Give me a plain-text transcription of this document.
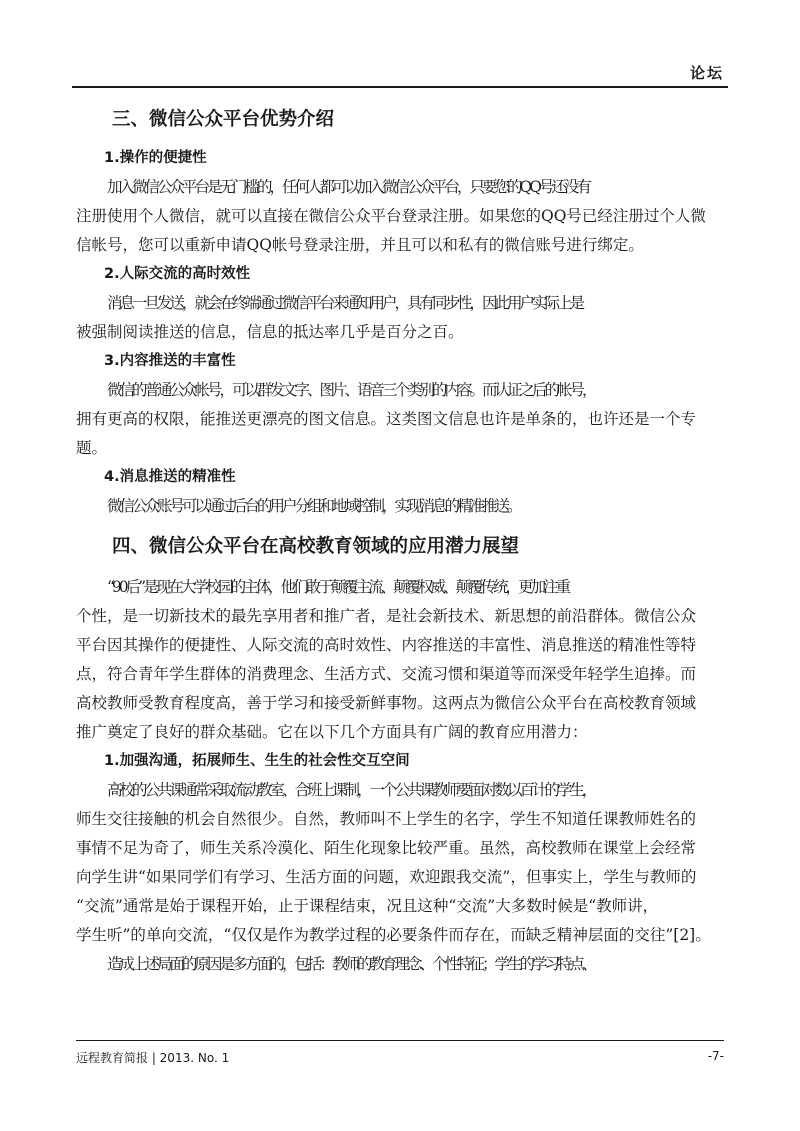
论坛
三、微信公众平台优势介绍
1.操作的便捷性

加入微信公众平台是无门槛的，任何人都可以加入微信公众平台，只要您的QQ号还没有
注册使用个人微信，就可以直接在微信公众平台登录注册。如果您的QQ号已经注册过个人微
信帐号，您可以重新申请QQ帐号登录注册，并且可以和私有的微信账号进行绑定。

2.人际交流的高时效性

消息一旦发送，就会在终端通过微信平台来通知用户，具有同步性，因此用户实际上是
被强制阅读推送的信息，信息的抵达率几乎是百分之百。

3.内容推送的丰富性

微信的普通公众帐号，可以群发文字、图片、语音三个类别的内容。而认证之后的帐号，
拥有更高的权限，能推送更漂亮的图文信息。这类图文信息也许是单条的，也许还是一个专
题。

4.消息推送的精准性

微信公众账号可以通过后台的用户分组和地域控制，实现消息的精准推送。

四、微信公众平台在高校教育领域的应用潜力展望

“90后”是现在大学校园的主体，他们敢于颠覆主流、颠覆权威、颠覆传统，更加注重
个性，是一切新技术的最先享用者和推广者，是社会新技术、新思想的前沿群体。微信公众
平台因其操作的便捷性、人际交流的高时效性、内容推送的丰富性、消息推送的精准性等特
点，符合青年学生群体的消费理念、生活方式、交流习惯和渠道等而深受年轻学生追捧。而
高校教师受教育程度高，善于学习和接受新鲜事物。这两点为微信公众平台在高校教育领域
推广奠定了良好的群众基础。它在以下几个方面具有广阔的教育应用潜力：

1.加强沟通，拓展师生、生生的社会性交互空间

高校的公共课通常采取流动教室、合班上课制，一个公共课教师要面对数以百计的学生，
师生交往接触的机会自然很少。自然，教师叫不上学生的名字，学生不知道任课教师姓名的
事情不足为奇了，师生关系冷漠化、陌生化现象比较严重。虽然，高校教师在课堂上会经常
向学生讲“如果同学们有学习、生活方面的问题，欢迎跟我交流”，但事实上，学生与教师的
“交流”通常是始于课程开始，止于课程结束，况且这种“交流”大多数时候是“教师讲，
学生听”的单向交流，“仅仅是作为教学过程的必要条件而存在，而缺乏精神层面的交往”[2]。

造成上述局面的原因是多方面的，包括：教师的教育理念、个性特征；学生的学习特点、

远程教育简报 | 2013. No. 1	-7-
